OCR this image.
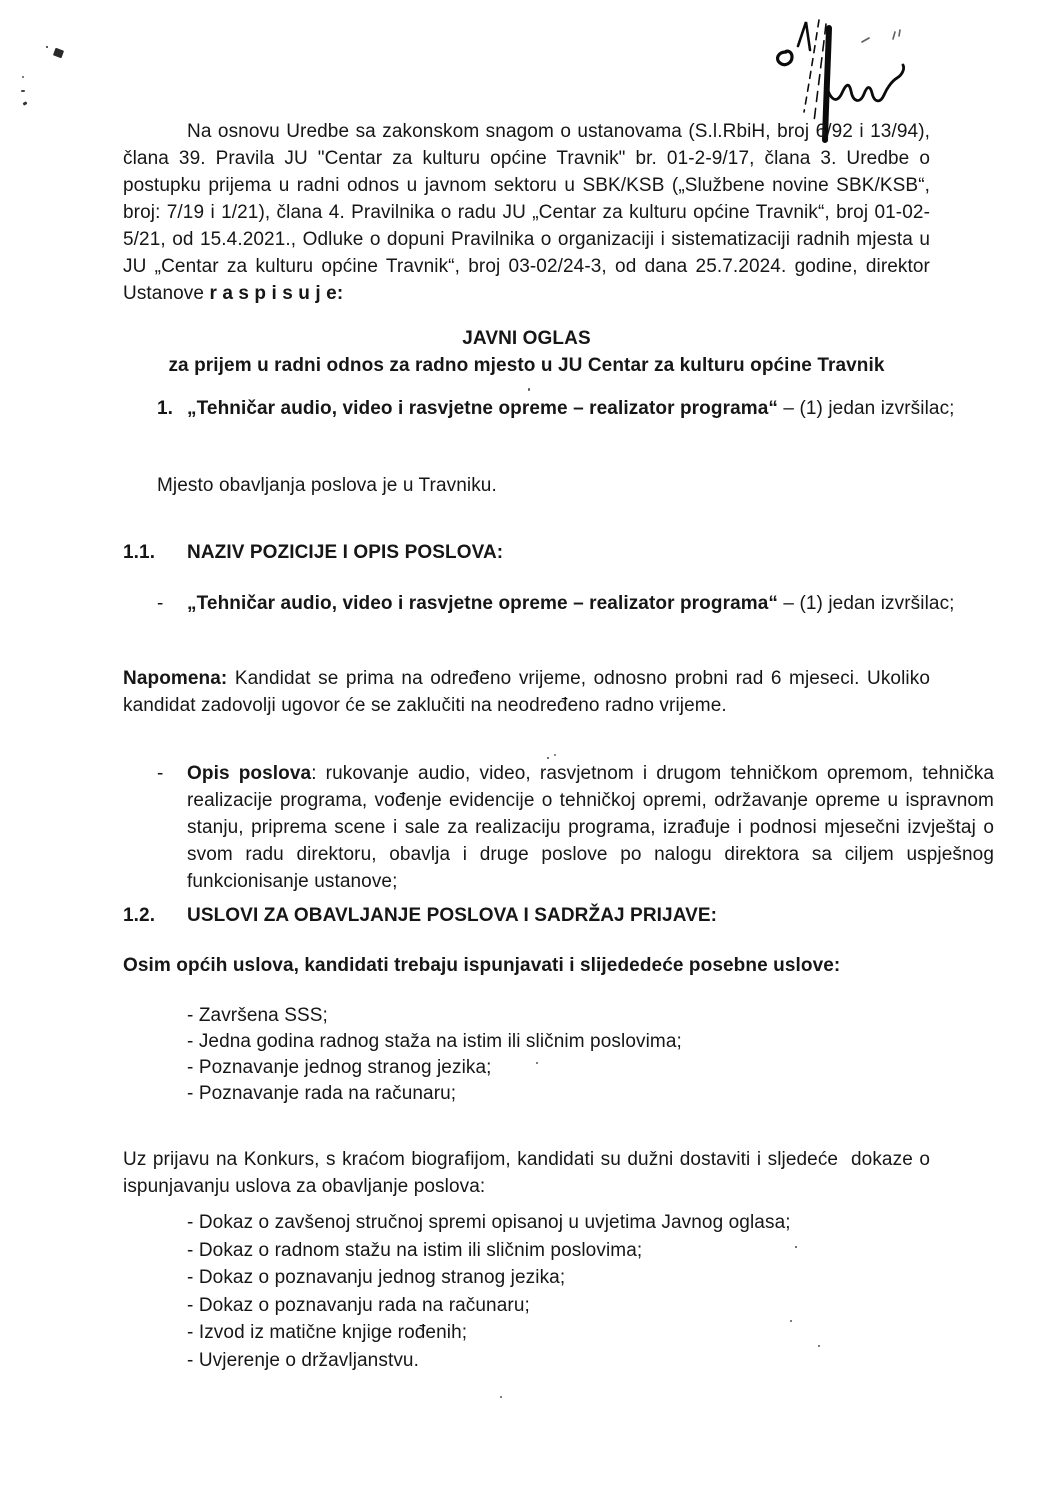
Na osnovu Uredbe sa zakonskom snagom o ustanovama (S.l.RbiH, broj 6/92 i 13/94), člana 39. Pravila JU "Centar za kulturu općine Travnik" br. 01-2-9/17, člana 3. Uredbe o postupku prijema u radni odnos u javnom sektoru u SBK/KSB („Službene novine SBK/KSB“, broj: 7/19 i 1/21), člana 4. Pravilnika o radu JU „Centar za kulturu općine Travnik“, broj 01-02-5/21, od 15.4.2021., Odluke o dopuni Pravilnika o organizaciji i sistematizaciji radnih mjesta u JU „Centar za kulturu općine Travnik“, broj 03-02/24-3, od dana 25.7.2024. godine, direktor Ustanove r a s p i s u j e:

JAVNI OGLAS
za prijem u radni odnos za radno mjesto u JU Centar za kulturu općine Travnik
1. „Tehničar audio, video i rasvjetne opreme – realizator programa“ – (1) jedan izvršilac;
Mjesto obavljanja poslova je u Travniku.
1.1.	NAZIV POZICIJE I OPIS POSLOVA:
- „Tehničar audio, video i rasvjetne opreme – realizator programa“ – (1) jedan izvršilac;

Napomena: Kandidat se prima na određeno vrijeme, odnosno probni rad 6 mjeseci. Ukoliko kandidat zadovolji ugovor će se zaklučiti na neodređeno radno vrijeme.

- Opis poslova: rukovanje audio, video, rasvjetnom i drugom tehničkom opremom, tehnička realizacije programa, vođenje evidencije o tehničkoj opremi, održavanje opreme u ispravnom stanju, priprema scene i sale za realizaciju programa, izrađuje i podnosi mjesečni izvještaj o svom radu direktoru, obavlja i druge poslove po nalogu direktora sa ciljem uspješnog funkcionisanje ustanove;
1.2.	USLOVI ZA OBAVLJANJE POSLOVA I SADRŽAJ PRIJAVE:
Osim općih uslova, kandidati trebaju ispunjavati i slijededeće posebne uslove:
- Završena SSS;
- Jedna godina radnog staža na istim ili sličnim poslovima;
- Poznavanje jednog stranog jezika;
- Poznavanje rada na računaru;

Uz prijavu na Konkurs, s kraćom biografijom, kandidati su dužni dostaviti i sljedeće  dokaze o ispunjavanju uslova za obavljanje poslova:

- Dokaz o zavšenoj stručnoj spremi opisanoj u uvjetima Javnog oglasa;
- Dokaz o radnom stažu na istim ili sličnim poslovima;
- Dokaz o poznavanju jednog stranog jezika;
- Dokaz o poznavanju rada na računaru;
- Izvod iz matične knjige rođenih;
- Uvjerenje o državljanstvu.
